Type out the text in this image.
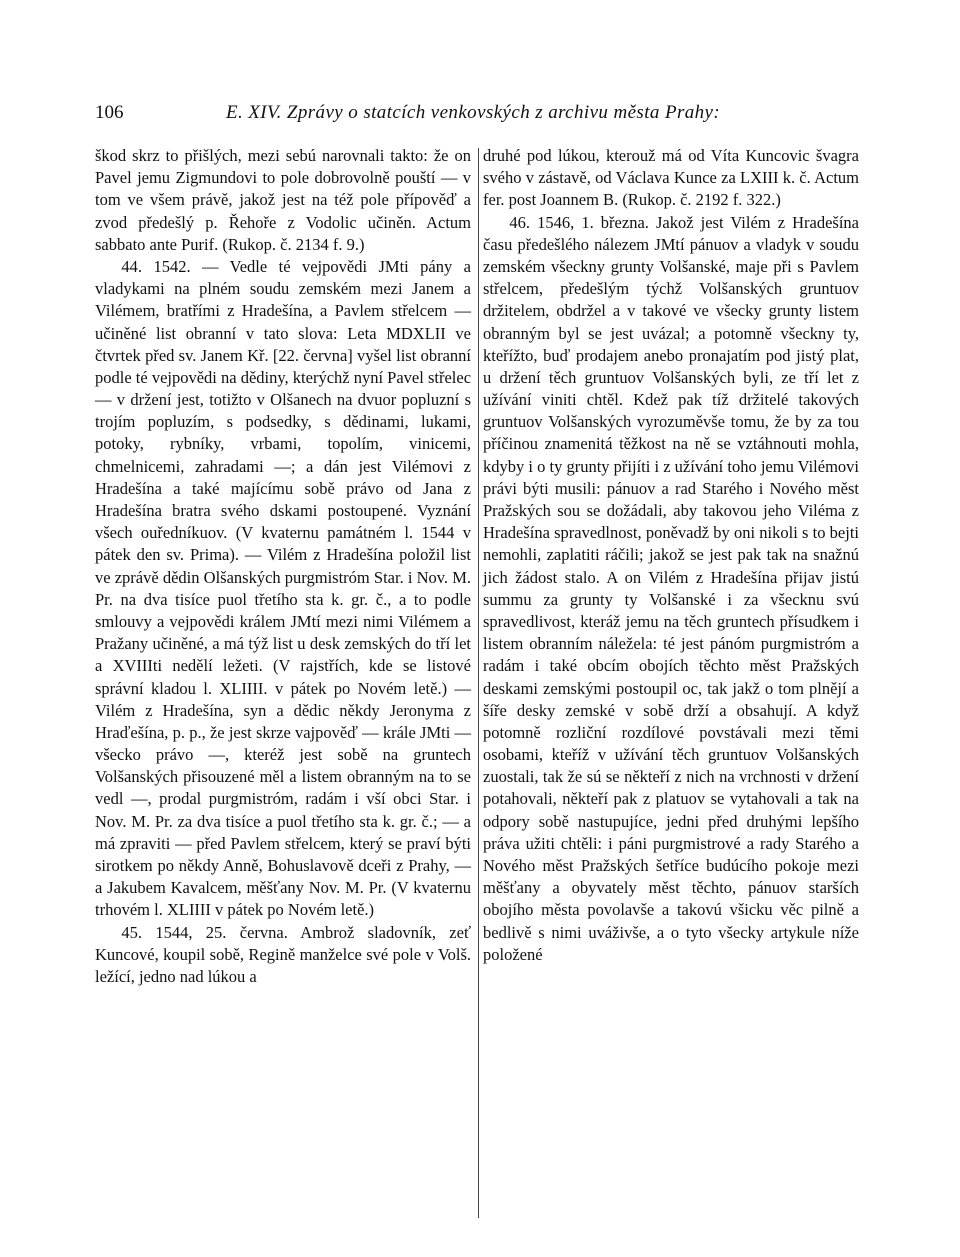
106	E. XIV. Zprávy o statcích venkovských z archivu města Prahy:

škod skrz to přišlých, mezi sebú narovnali takto: že on Pavel jemu Zigmundovi to pole dobrovolně pouští — v tom ve všem právě, jakož jest na též pole přípověď a zvod předešlý p. Řehoře z Vodolic učiněn. Actum sabbato ante Purif. (Rukop. č. 2134 f. 9.)

44. 1542. — Vedle té vejpovědi JMti pány a vladykami na plném soudu zemském mezi Janem a Vilémem, bratřími z Hradešína, a Pavlem střelcem — učiněné list obranní v tato slova: Leta MDXLII ve čtvrtek před sv. Janem Kř. [22. června] vyšel list obranní podle té vejpovědi na dědiny, kterýchž nyní Pavel střelec — v držení jest, totižto v Olšanech na dvuor popluzní s trojím popluzím, s podsedky, s dědinami, lukami, potoky, rybníky, vrbami, topolím, vinicemi, chmelnicemi, zahradami —; a dán jest Vilémovi z Hradešína a také majícímu sobě právo od Jana z Hradešína bratra svého dskami postoupené. Vyznání všech ouředníkuov. (V kvaternu památném l. 1544 v pátek den sv. Prima). — Vilém z Hradešína položil list ve zprávě dědin Olšanských purgmistróm Star. i Nov. M. Pr. na dva tisíce puol třetího sta k. gr. č., a to podle smlouvy a vejpovědi králem JMtí mezi nimi Vilémem a Pražany učiněné, a má týž list u desk zemských do tří let a XVIIIti nedělí ležeti. (V rajstřích, kde se listové správní kladou l. XLIIII. v pátek po Novém letě.) — Vilém z Hradešína, syn a dědic někdy Jeronyma z Hraďešína, p. p., že jest skrze vajpověď — krále JMti — všecko právo —, kteréž jest sobě na gruntech Volšanských přisouzené měl a listem obranným na to se vedl —, prodal purgmistróm, radám i vší obci Star. i Nov. M. Pr. za dva tisíce a puol třetího sta k. gr. č.; — a má zpraviti — před Pavlem střelcem, který se praví býti sirotkem po někdy Anně, Bohuslavově dceři z Prahy, — a Jakubem Kavalcem, měšťany Nov. M. Pr. (V kvaternu trhovém l. XLIIII v pátek po Novém letě.)

45. 1544, 25. června. Ambrož sladovník, zeť Kuncové, koupil sobě, Regině manželce své pole v Volš. ležící, jedno nad lúkou a

druhé pod lúkou, kterouž má od Víta Kuncovic švagra svého v zástavě, od Václava Kunce za LXIII k. č. Actum fer. post Joannem B. (Rukop. č. 2192 f. 322.)

46. 1546, 1. března. Jakož jest Vilém z Hradešína času předešlého nálezem JMtí pánuov a vladyk v soudu zemském všeckny grunty Volšanské, maje při s Pavlem střelcem, předešlým týchž Volšanských gruntuov držitelem, obdržel a v takové ve všecky grunty listem obranným byl se jest uvázal; a potomně všeckny ty, kteřížto, buď prodajem anebo pronajatím pod jistý plat, u držení těch gruntuov Volšanských byli, ze tří let z užívání viniti chtěl. Kdež pak tíž držitelé takových gruntuov Volšanských vyrozuměvše tomu, že by za tou příčinou znamenitá těžkost na ně se vztáhnouti mohla, kdyby i o ty grunty přijíti i z užívání toho jemu Vilémovi právi býti musili: pánuov a rad Starého i Nového měst Pražských sou se dožádali, aby takovou jeho Viléma z Hradešína spravedlnost, poněvadž by oni nikoli s to bejti nemohli, zaplatiti ráčili; jakož se jest pak tak na snažnú jich žádost stalo. A on Vilém z Hradešína přijav jistú summu za grunty ty Volšanské i za všecknu svú spravedlivost, kteráž jemu na těch gruntech přísudkem i listem obranním náležela: té jest pánóm purgmistróm a radám i také obcím obojích těchto měst Pražských deskami zemskými postoupil oc, tak jakž o tom plnějí a šíře desky zemské v sobě drží a obsahují. A když potomně rozliční rozdílové povstávali mezi těmi osobami, kteříž v užívání těch gruntuov Volšanských zuostali, tak že sú se někteří z nich na vrchnosti v držení potahovali, někteří pak z platuov se vytahovali a tak na odpory sobě nastupujíce, jedni před druhými lepšího práva užiti chtěli: i páni purgmistrové a rady Starého a Nového měst Pražských šetříce budúcího pokoje mezi měšťany a obyvately měst těchto, pánuov starších obojího města povolavše a takovú všicku věc pilně a bedlivě s nimi uváživše, a o tyto všecky artykule níže položené
